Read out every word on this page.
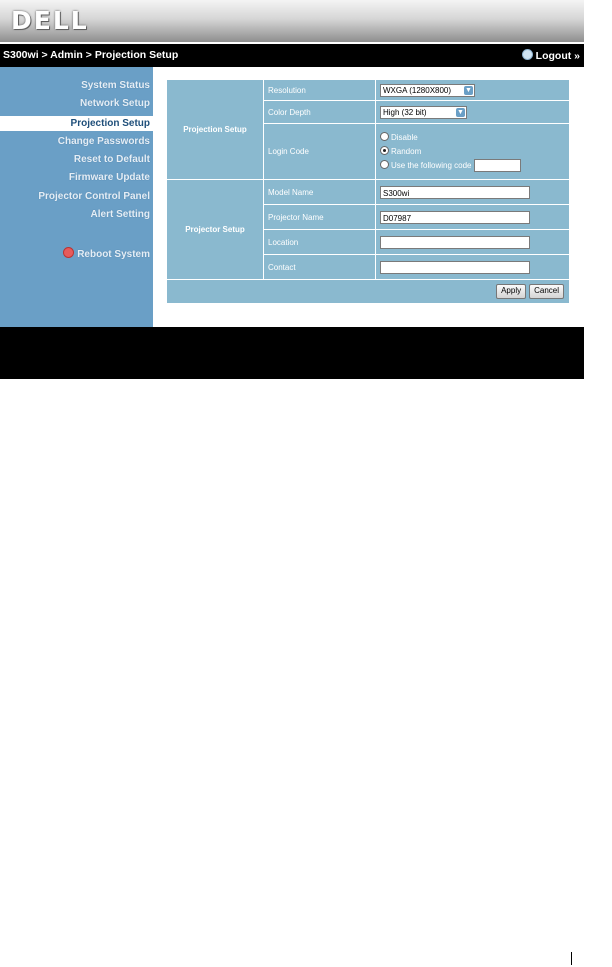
DELL
S300wi > Admin > Projection Setup	Logout »
System Status
Network Setup
Projection Setup
Change Passwords
Reset to Default
Firmware Update
Projector Control Panel
Alert Setting
Reboot System
Projection Setup	Resolution	WXGA (1280X800) ▼

	Color Depth	High (32 bit) ▼

	Login Code	Disable
Random
Use the following code

Projector Setup	Model Name	S300wi
	Projector Name	D07987
	Location	
	Contact	
Apply Cancel		
